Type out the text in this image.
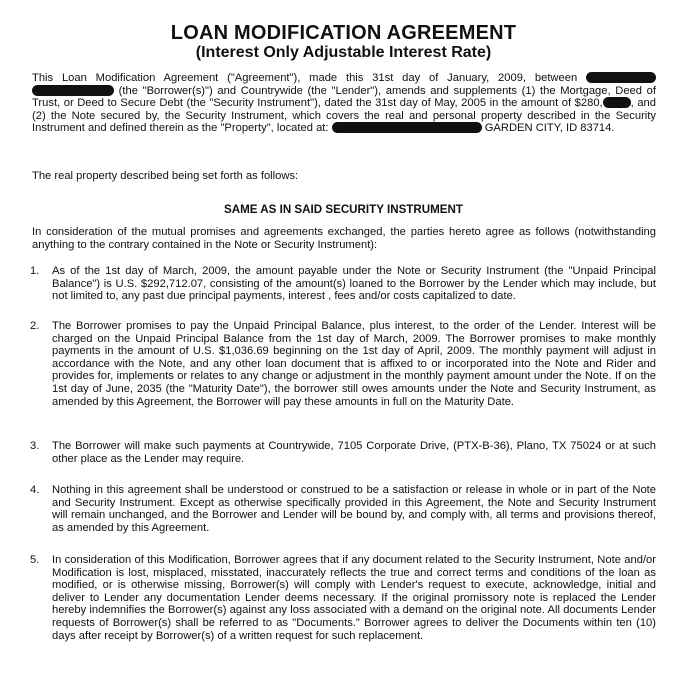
LOAN MODIFICATION AGREEMENT
(Interest Only Adjustable Interest Rate)

This Loan Modification Agreement ("Agreement"), made this 31st day of January, 2009, between   (the "Borrower(s)") and Countrywide (the "Lender"), amends and supplements (1) the Mortgage, Deed of Trust, or Deed to Secure Debt (the "Security Instrument"), dated the 31st day of May, 2005 in the amount of $280,	, and (2) the Note secured by, the Security Instrument, which covers the real and personal property described in the Security Instrument and defined therein as the "Property", located at:	GARDEN CITY, ID 83714.

The real property described being set forth as follows:

SAME AS IN SAID SECURITY INSTRUMENT

In consideration of the mutual promises and agreements exchanged, the parties hereto agree as follows (notwithstanding anything to the contrary contained in the Note or Security Instrument):

1. As of the 1st day of March, 2009, the amount payable under the Note or Security Instrument (the "Unpaid Principal Balance") is U.S. $292,712.07, consisting of the amount(s) loaned to the Borrower by the Lender which may include, but not limited to, any past due principal payments, interest , fees and/or costs capitalized to date.

2. The Borrower promises to pay the Unpaid Principal Balance, plus interest, to the order of the Lender. Interest will be charged on the Unpaid Principal Balance from the 1st day of March, 2009. The Borrower promises to make monthly payments in the amount of U.S. $1,036.69 beginning on the 1st day of April, 2009. The monthly payment will adjust in accordance with the Note, and any other loan document that is affixed to or incorporated into the Note and Rider and provides for, implements or relates to any change or adjustment in the monthly payment amount under the Note. If on the 1st day of June, 2035 (the "Maturity Date"), the borrower still owes amounts under the Note and Security Instrument, as amended by this Agreement, the Borrower will pay these amounts in full on the Maturity Date.

3. The Borrower will make such payments at Countrywide, 7105 Corporate Drive, (PTX-B-36), Plano, TX 75024 or at such other place as the Lender may require.

4. Nothing in this agreement shall be understood or construed to be a satisfaction or release in whole or in part of the Note and Security Instrument. Except as otherwise specifically provided in this Agreement, the Note and Security Instrument will remain unchanged, and the Borrower and Lender will be bound by, and comply with, all terms and provisions thereof, as amended by this Agreement.

5. In consideration of this Modification, Borrower agrees that if any document related to the Security Instrument, Note and/or Modification is lost, misplaced, misstated, inaccurately reflects the true and correct terms and conditions of the loan as modified, or is otherwise missing, Borrower(s) will comply with Lender's request to execute, acknowledge, initial and deliver to Lender any documentation Lender deems necessary. If the original promissory note is replaced the Lender hereby indemnifies the Borrower(s) against any loss associated with a demand on the original note. All documents Lender requests of Borrower(s) shall be referred to as "Documents." Borrower agrees to deliver the Documents within ten (10) days after receipt by Borrower(s) of a written request for such replacement.
